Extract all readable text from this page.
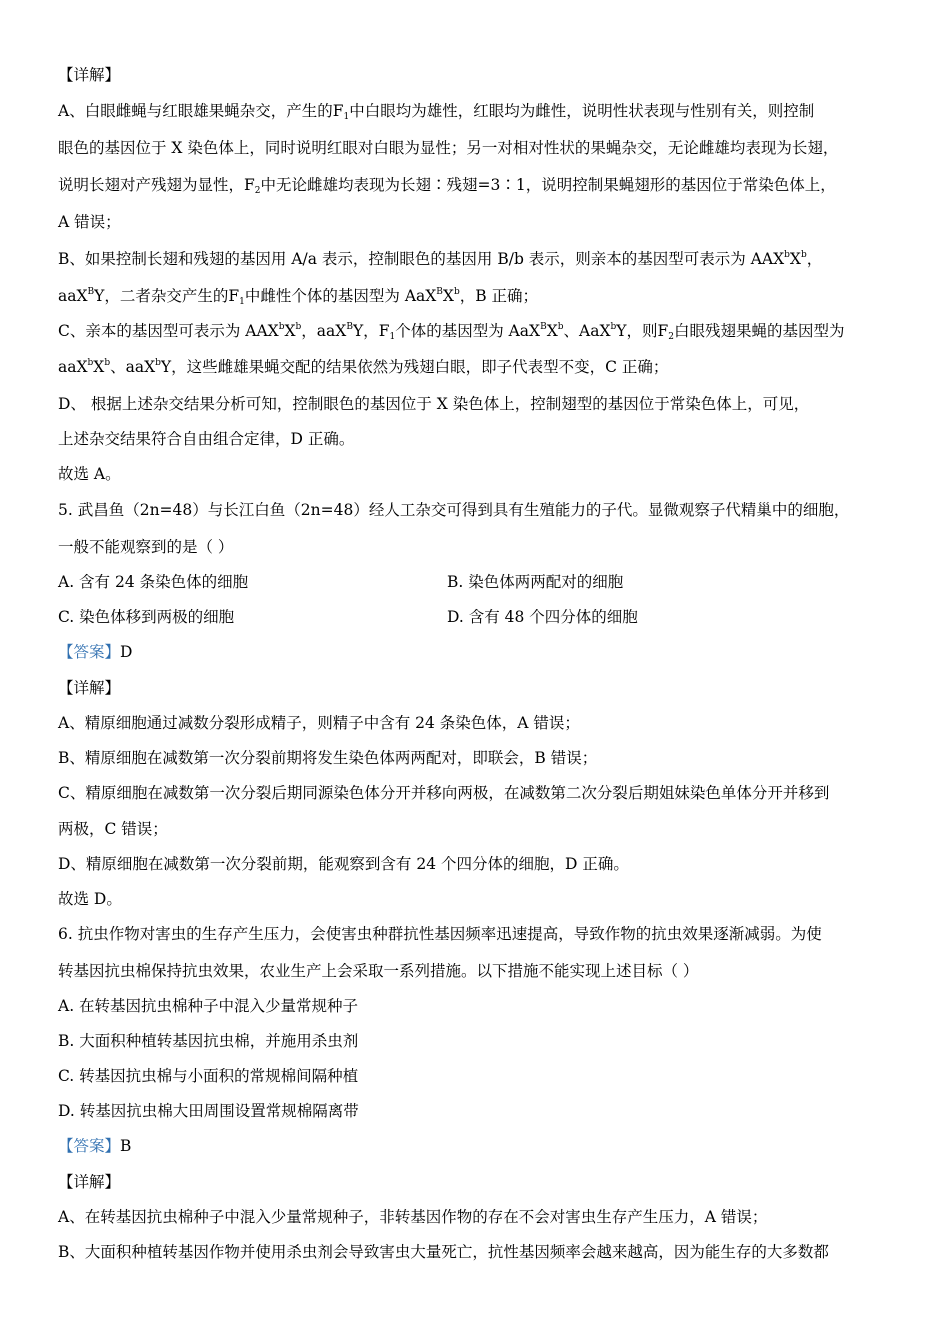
【详解】
A、白眼雌蝇与红眼雄果蝇杂交，产生的$F_1$中白眼均为雄性，红眼均为雌性，说明性状表现与性别有关，则控制
眼色的基因位于 X 染色体上，同时说明红眼对白眼为显性；另一对相对性状的果蝇杂交，无论雌雄均表现为长翅，
说明长翅对产残翅为显性，$F_2$中无论雌雄均表现为长翅∶残翅=3∶1，说明控制果蝇翅形的基因位于常染色体上，
A 错误；
B、如果控制长翅和残翅的基因用 A/a 表示，控制眼色的基因用 B/b 表示，则亲本的基因型可表示为 $AAX^bX^b$，
aaX$^B$Y，二者杂交产生的$F_1$中雌性个体的基因型为 $AaX^BX^b$，B 正确；
C、亲本的基因型可表示为 $AAX^bX^b$，aaX$^B$Y，$F_1$个体的基因型为 $AaX^BX^b$、AaX$^b$Y，则$F_2$白眼残翅果蝇的基因型为
$aaX^bX^b$、aaX$^b$Y，这些雌雄果蝇交配的结果依然为残翅白眼，即子代表型不变，C 正确；
D、 根据上述杂交结果分析可知，控制眼色的基因位于 X 染色体上，控制翅型的基因位于常染色体上，可见，
上述杂交结果符合自由组合定律，D 正确。
故选 A。
5. 武昌鱼（2n=48）与长江白鱼（2n=48）经人工杂交可得到具有生殖能力的子代。显微观察子代精巢中的细胞，
一般不能观察到的是（ ）
A. 含有 24 条染色体的细胞	B. 染色体两两配对的细胞
C. 染色体移到两极的细胞	D. 含有 48 个四分体的细胞
【答案】D
【详解】
A、精原细胞通过减数分裂形成精子，则精子中含有 24 条染色体，A 错误；
B、精原细胞在减数第一次分裂前期将发生染色体两两配对，即联会，B 错误；
C、精原细胞在减数第一次分裂后期同源染色体分开并移向两极，在减数第二次分裂后期姐妹染色单体分开并移到
两极，C 错误；
D、精原细胞在减数第一次分裂前期，能观察到含有 24 个四分体的细胞，D 正确。
故选 D。
6. 抗虫作物对害虫的生存产生压力，会使害虫种群抗性基因频率迅速提高，导致作物的抗虫效果逐渐减弱。为使
转基因抗虫棉保持抗虫效果，农业生产上会采取一系列措施。以下措施不能实现上述目标（ ）
A. 在转基因抗虫棉种子中混入少量常规种子
B. 大面积种植转基因抗虫棉，并施用杀虫剂
C. 转基因抗虫棉与小面积的常规棉间隔种植
D. 转基因抗虫棉大田周围设置常规棉隔离带
【答案】B
【详解】
A、在转基因抗虫棉种子中混入少量常规种子，非转基因作物的存在不会对害虫生存产生压力，A 错误；
B、大面积种植转基因作物并使用杀虫剂会导致害虫大量死亡，抗性基因频率会越来越高，因为能生存的大多数都
